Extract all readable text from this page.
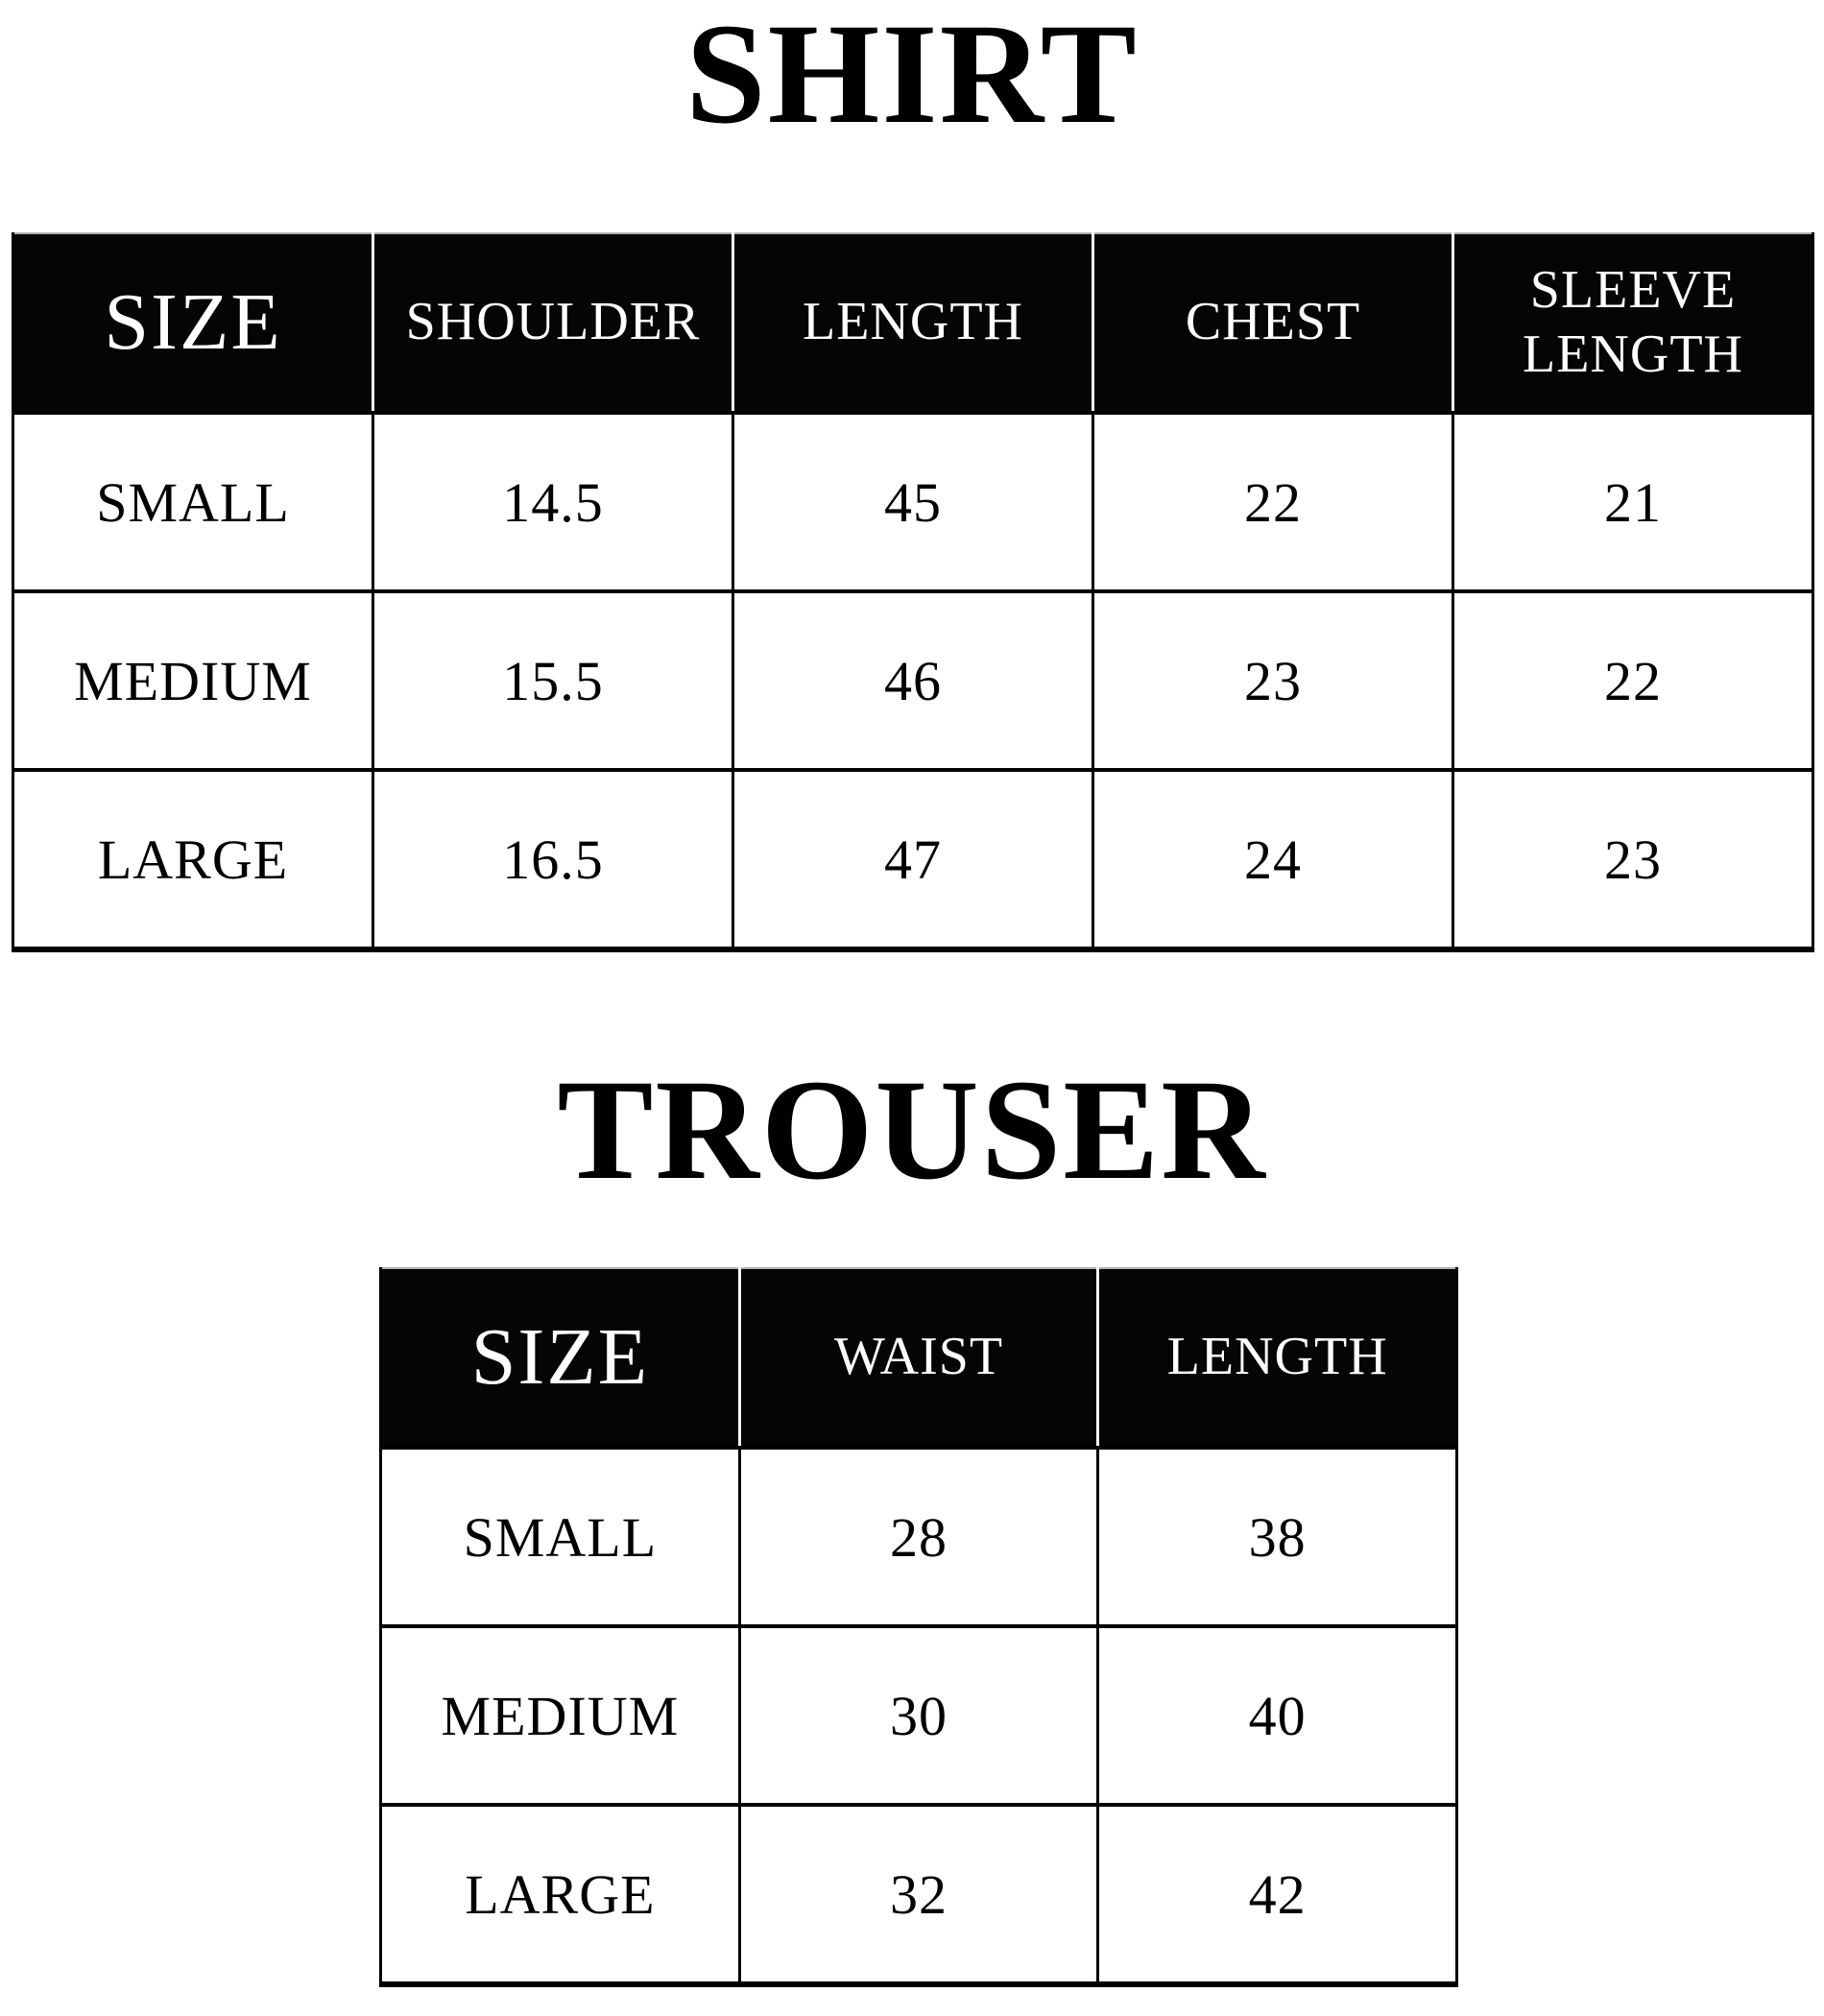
SHIRT
SIZE	SHOULDER	LENGTH	CHEST	SLEEVE LENGTH
SMALL	14.5	45	22	21
MEDIUM	15.5	46	23	22
LARGE	16.5	47	24	23
TROUSER
SIZE	WAIST	LENGTH
SMALL	28	38
MEDIUM	30	40
LARGE	32	42
